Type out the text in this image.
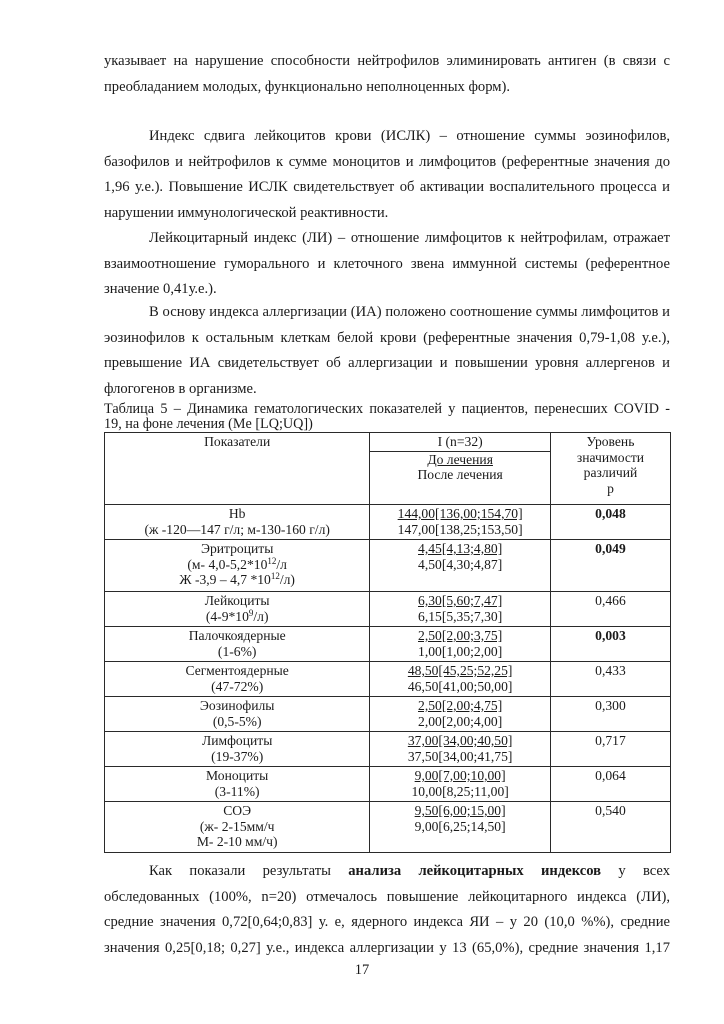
указывает на нарушение способности нейтрофилов элиминировать антиген (в связи с
преобладанием молодых, функционально неполноценных форм).
Индекс сдвига лейкоцитов крови (ИСЛК) – отношение суммы эозинофилов,
базофилов и нейтрофилов к сумме моноцитов и лимфоцитов (референтные значения до
1,96 у.е.). Повышение ИСЛК свидетельствует об активации воспалительного процесса и
нарушении иммунологической реактивности.
Лейкоцитарный индекс (ЛИ) – отношение лимфоцитов к нейтрофилам, отражает
взаимоотношение гуморального и клеточного звена иммунной системы (референтное
значение 0,41у.е.).
В основу индекса аллергизации (ИА) положено соотношение суммы лимфоцитов и
эозинофилов к остальным клеткам белой крови (референтные значения 0,79-1,08 у.е.),
превышение ИА свидетельствует об аллергизации и повышении уровня аллергенов и
флогогенов в организме.
Таблица 5 – Динамика гематологических показателей у пациентов, перенесших COVID -
19, на фоне лечения (Me [LQ;UQ])
Показатели	I (n=32)
До лечения
После лечения	Уровень
значимости
различий
p

Hb
(ж -120—147 г/л; м-130-160 г/л)	144,00[136,00;154,70]
147,00[138,25;153,50]	0,048

Эритроциты
(м- $4,0-5,2*10^{12}/л$
Ж -3,9 – 4,7 $*10^{12}/л$)	4,45[4,13;4,80]
4,50[4,30;4,87]	0,049

Лейкоциты
$(4-9*10^9/л)$	6,30[5,60;7,47]
6,15[5,35;7,30]	0,466

Палочкоядерные
(1-6%)	2,50[2,00;3,75]
1,00[1,00;2,00]	0,003

Сегментоядерные
(47-72%)	48,50[45,25;52,25]
46,50[41,00;50,00]	0,433

Эозинофилы
(0,5-5%)	2,50[2,00;4,75]
2,00[2,00;4,00]	0,300

Лимфоциты
(19-37%)	37,00[34,00;40,50]
37,50[34,00;41,75]	0,717

Моноциты
(3-11%)	9,00[7,00;10,00]
10,00[8,25;11,00]	0,064

СОЭ
(ж- 2-15мм/ч
М- 2-10 мм/ч)	9,50[6,00;15,00]
9,00[6,25;14,50]	0,540
Как показали результаты анализа лейкоцитарных индексов у всех
обследованных (100%, n=20) отмечалось повышение лейкоцитарного индекса (ЛИ),
средние значения 0,72[0,64;0,83] у. е, ядерного индекса ЯИ – у 20 (10,0 %%), средние
значения 0,25[0,18; 0,27] у.е., индекса аллергизации у 13 (65,0%), средние значения 1,17
17
